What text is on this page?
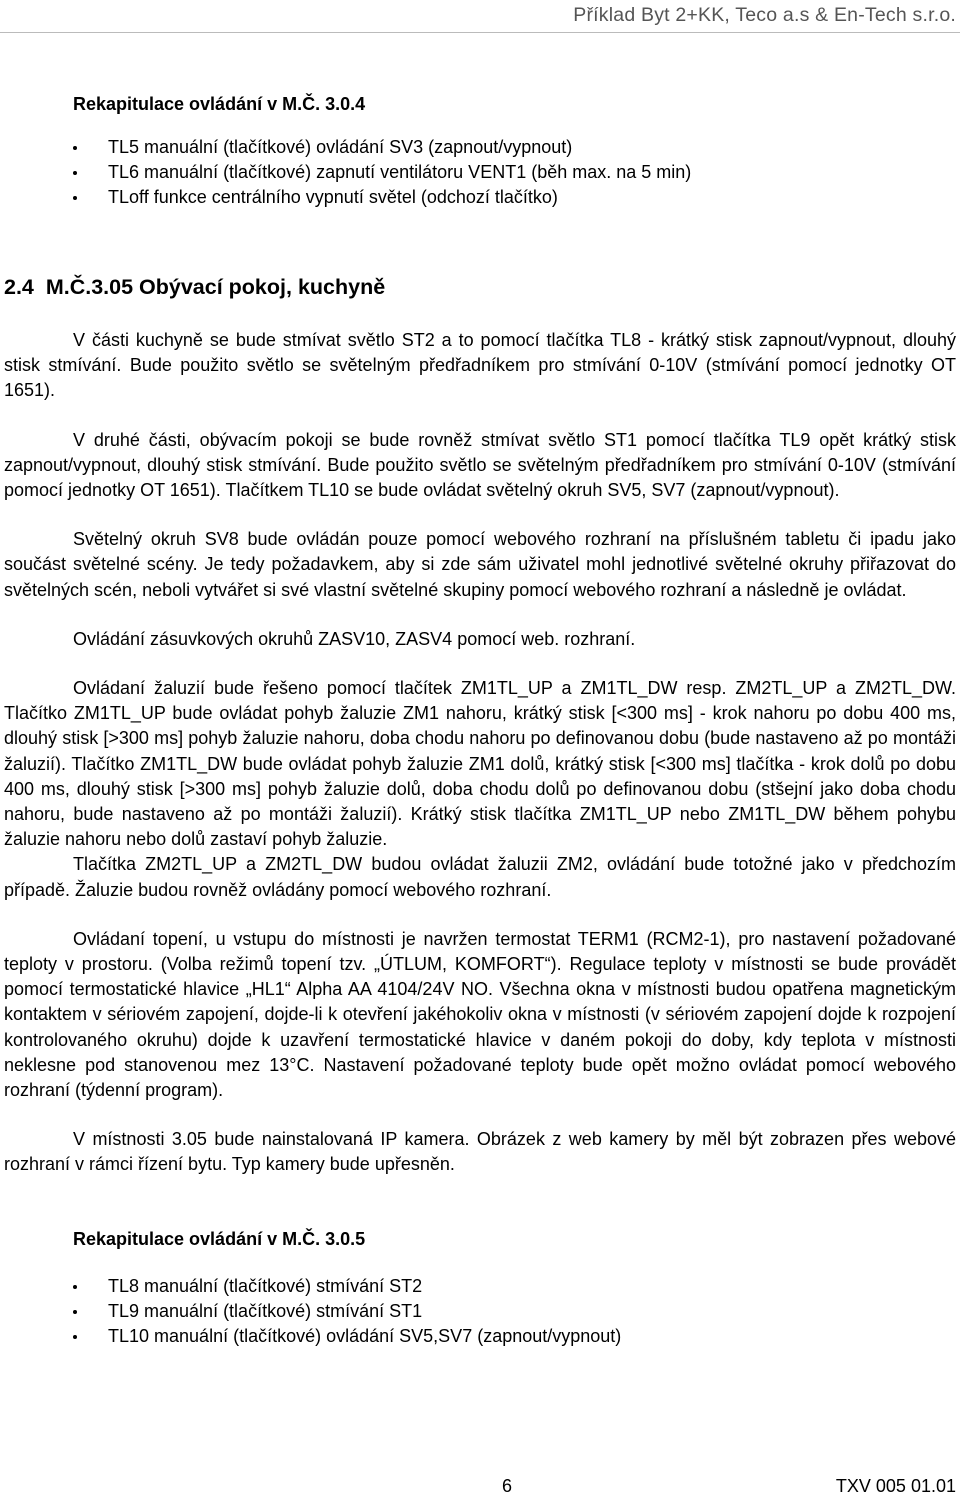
Příklad Byt 2+KK, Teco a.s & En-Tech s.r.o.
Rekapitulace ovládání v M.Č. 3.0.4
TL5 manuální (tlačítkové) ovládání SV3 (zapnout/vypnout)
TL6 manuální (tlačítkové) zapnutí ventilátoru VENT1 (běh max. na 5 min)
TLoff funkce centrálního vypnutí světel (odchozí tlačítko)
2.4  M.Č.3.05 Obývací pokoj, kuchyně

V části kuchyně se bude stmívat světlo ST2 a to pomocí tlačítka TL8 - krátký stisk zapnout/vypnout, dlouhý stisk stmívání. Bude použito světlo se světelným předřadníkem pro stmívání 0-10V (stmívání pomocí jednotky OT 1651).

V druhé části, obývacím pokoji se bude rovněž stmívat světlo ST1 pomocí tlačítka TL9 opět krátký stisk zapnout/vypnout, dlouhý stisk stmívání. Bude použito světlo se světelným předřadníkem pro stmívání 0-10V (stmívání pomocí jednotky OT 1651). Tlačítkem TL10 se bude ovládat světelný okruh SV5, SV7 (zapnout/vypnout).

Světelný okruh SV8 bude ovládán pouze pomocí webového rozhraní na příslušném tabletu či ipadu jako součást světelné scény. Je tedy požadavkem, aby si zde sám uživatel mohl jednotlivé světelné okruhy přiřazovat do světelných scén, neboli vytvářet si své vlastní světelné skupiny pomocí webového rozhraní a následně je ovládat.

Ovládání zásuvkových okruhů ZASV10, ZASV4 pomocí web. rozhraní.

Ovládaní žaluzií bude řešeno pomocí tlačítek ZM1TL_UP a ZM1TL_DW resp. ZM2TL_UP a ZM2TL_DW. Tlačítko ZM1TL_UP bude ovládat pohyb žaluzie ZM1 nahoru, krátký stisk [<300 ms] - krok nahoru po dobu 400 ms, dlouhý stisk [>300 ms] pohyb žaluzie nahoru, doba chodu nahoru po definovanou dobu (bude nastaveno až po montáži žaluzií). Tlačítko ZM1TL_DW bude ovládat pohyb žaluzie ZM1 dolů, krátký stisk [<300 ms] tlačítka - krok dolů po dobu 400 ms, dlouhý stisk [>300 ms] pohyb žaluzie dolů, doba chodu dolů po definovanou dobu (stšejní jako doba chodu nahoru, bude nastaveno až po montáži žaluzií). Krátký stisk tlačítka ZM1TL_UP nebo ZM1TL_DW během pohybu žaluzie nahoru nebo dolů zastaví pohyb žaluzie.

Tlačítka ZM2TL_UP a ZM2TL_DW budou ovládat žaluzii ZM2, ovládání bude totožné jako v předchozím případě. Žaluzie budou rovněž ovládány pomocí webového rozhraní.

Ovládaní topení, u vstupu do místnosti je navržen termostat TERM1 (RCM2-1), pro nastavení požadované teploty v prostoru. (Volba režimů topení tzv. „ÚTLUM, KOMFORT“). Regulace teploty v místnosti se bude provádět pomocí termostatické hlavice „HL1“ Alpha AA 4104/24V NO. Všechna okna v místnosti budou opatřena magnetickým kontaktem v sériovém zapojení, dojde-li k otevření jakéhokoliv okna v místnosti (v sériovém zapojení dojde k rozpojení kontrolovaného okruhu) dojde k uzavření termostatické hlavice v daném pokoji do doby, kdy teplota v místnosti neklesne pod stanovenou mez 13°C. Nastavení požadované teploty bude opět možno ovládat pomocí webového rozhraní (týdenní program).

V místnosti 3.05 bude nainstalovaná IP kamera. Obrázek z web kamery by měl být zobrazen přes webové rozhraní v rámci řízení bytu. Typ kamery bude upřesněn.

Rekapitulace ovládání v M.Č. 3.0.5
TL8 manuální (tlačítkové) stmívání ST2
TL9 manuální (tlačítkové) stmívání ST1
TL10 manuální (tlačítkové) ovládání SV5,SV7 (zapnout/vypnout)
6	TXV 005 01.01
